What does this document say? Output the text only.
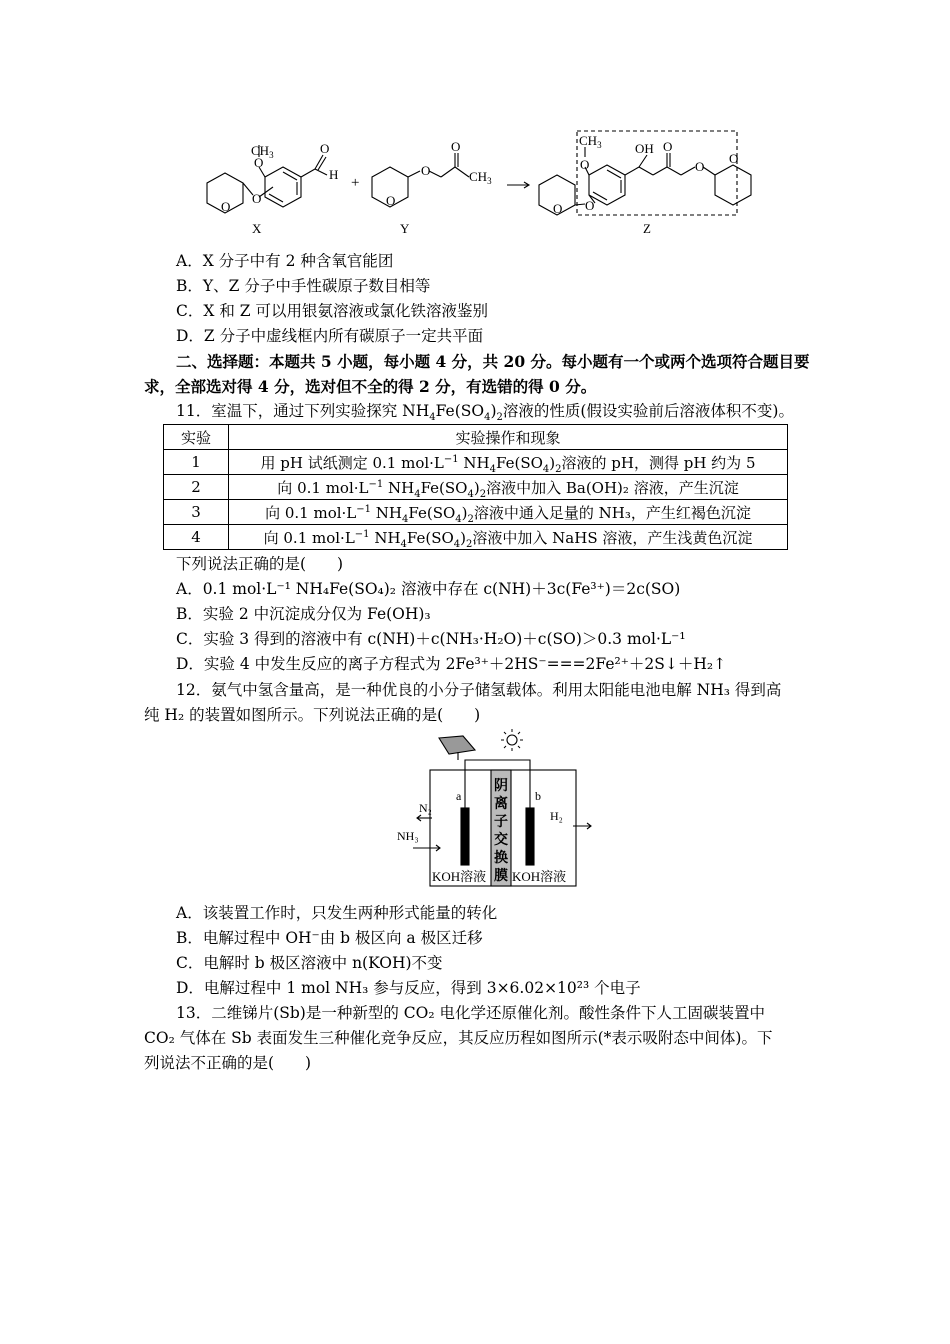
$CH_3$
O
O
O
O
H
+
O
O
O
$CH_3$
O
$CH_3$
O
O
OH O
O
O
X	Y	Z
A．X 分子中有 2 种含氧官能团
B．Y、Z 分子中手性碳原子数目相等
C．X 和 Z 可以用银氨溶液或氯化铁溶液鉴别
D．Z 分子中虚线框内所有碳原子一定共平面
二、选择题：本题共 5 小题，每小题 4 分，共 20 分。每小题有一个或两个选项符合题目要
求，全部选对得 4 分，选对但不全的得 2 分，有选错的得 0 分。
11．室温下，通过下列实验探究 $NH_4Fe(SO_4)_2$溶液的性质(假设实验前后溶液体积不变)。
实验	实验操作和现象
1	用 pH 试纸测定 0.1 $mol\cdot L^{-1}$ $NH_4Fe(SO_4)_2$溶液的 pH，测得 pH 约为 5
2	向 0.1 $mol\cdot L^{-1}$ $NH_4Fe(SO_4)_2$溶液中加入 Ba(OH)₂ 溶液，产生沉淀
3	向 0.1 $mol\cdot L^{-1}$ $NH_4Fe(SO_4)_2$溶液中通入足量的 NH₃，产生红褐色沉淀
4	向 0.1 $mol\cdot L^{-1}$ $NH_4Fe(SO_4)_2$溶液中加入 NaHS 溶液，产生浅黄色沉淀
下列说法正确的是(　　)
A．0.1 mol·L⁻¹ NH₄Fe(SO₄)₂ 溶液中存在 c(NH)＋3c(Fe³⁺)＝2c(SO)
B．实验 2 中沉淀成分仅为 Fe(OH)₃
C．实验 3 得到的溶液中有 c(NH)＋c(NH₃·H₂O)＋c(SO)＞0.3 mol·L⁻¹
D．实验 4 中发生反应的离子方程式为 2Fe³⁺＋2HS⁻===2Fe²⁺＋2S↓＋H₂↑
12．氨气中氢含量高，是一种优良的小分子储氢载体。利用太阳能电池电解 NH₃ 得到高
纯 H₂ 的装置如图所示。下列说法正确的是(　　)
N₂
NH₃
H₂
a	b
阴
离
子
交
换
膜
KOH溶液 KOH溶液
A．该装置工作时，只发生两种形式能量的转化
B．电解过程中 OH⁻由 b 极区向 a 极区迁移
C．电解时 b 极区溶液中 n(KOH)不变
D．电解过程中 1 mol NH₃ 参与反应，得到 3×6.02×10²³ 个电子
13．二维锑片(Sb)是一种新型的 CO₂ 电化学还原催化剂。酸性条件下人工固碳装置中
CO₂ 气体在 Sb 表面发生三种催化竞争反应，其反应历程如图所示(*表示吸附态中间体)。下
列说法不正确的是(　　)
